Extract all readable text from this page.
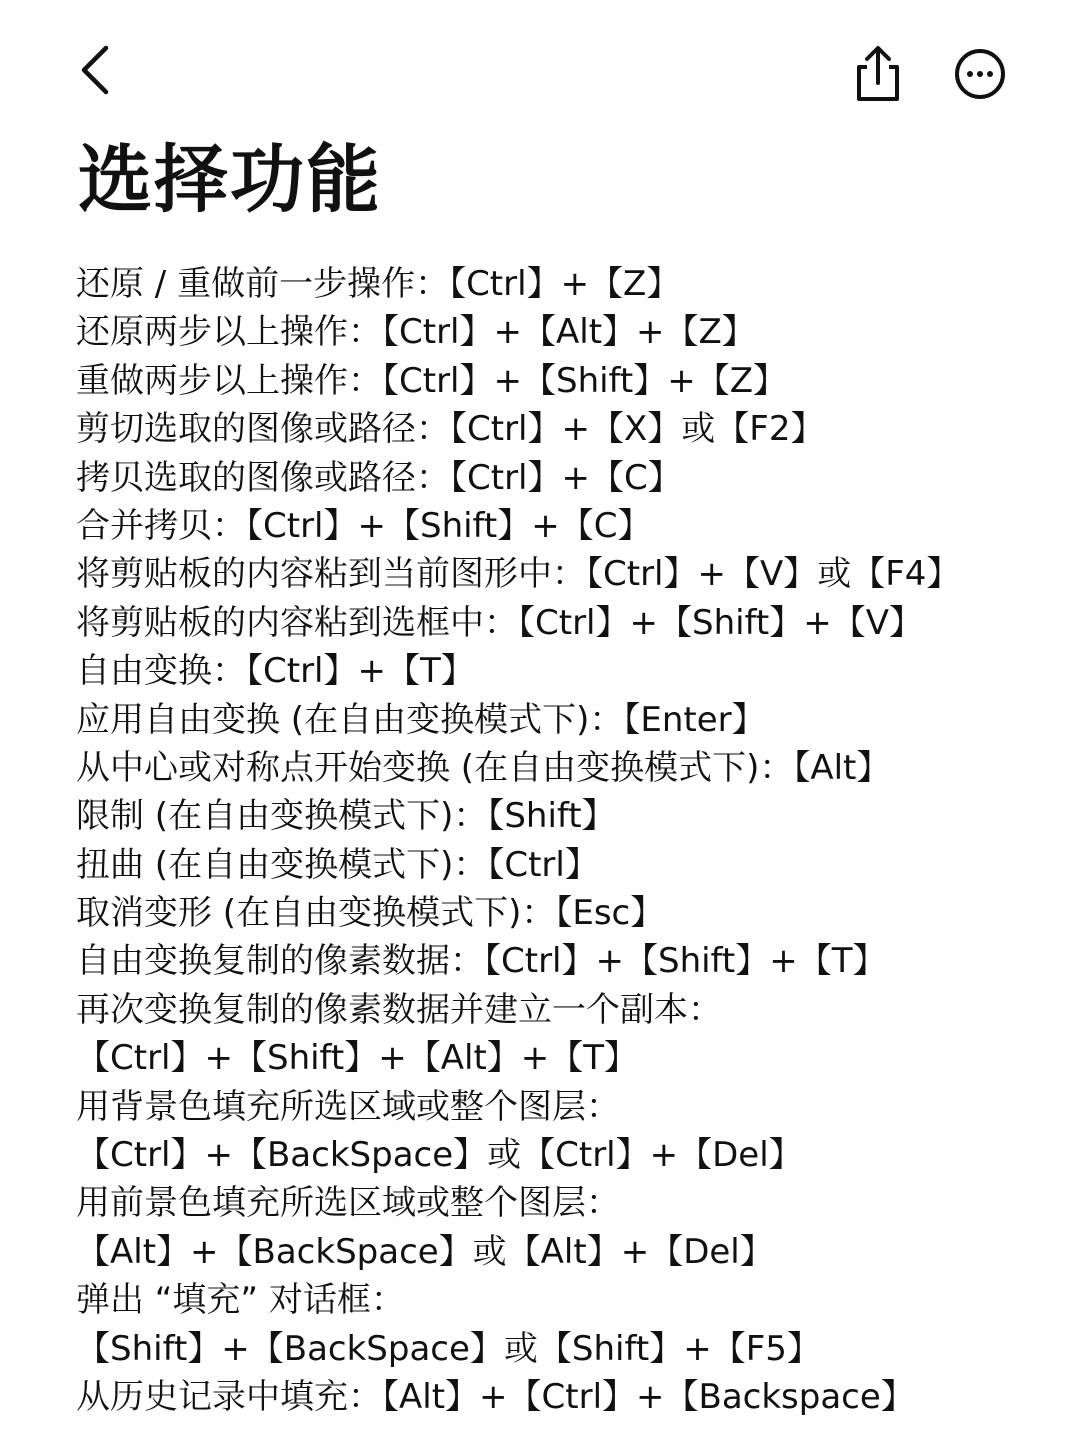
选择功能
还原 / 重做前一步操作：【Ctrl】+【Z】
还原两步以上操作：【Ctrl】+【Alt】+【Z】
重做两步以上操作：【Ctrl】+【Shift】+【Z】
剪切选取的图像或路径：【Ctrl】+【X】或【F2】
拷贝选取的图像或路径：【Ctrl】+【C】
合并拷贝：【Ctrl】+【Shift】+【C】
将剪贴板的内容粘到当前图形中：【Ctrl】+【V】或【F4】
将剪贴板的内容粘到选框中：【Ctrl】+【Shift】+【V】
自由变换：【Ctrl】+【T】
应用自由变换 (在自由变换模式下)：【Enter】
从中心或对称点开始变换 (在自由变换模式下)：【Alt】
限制 (在自由变换模式下)：【Shift】
扭曲 (在自由变换模式下)：【Ctrl】
取消变形 (在自由变换模式下)：【Esc】
自由变换复制的像素数据：【Ctrl】+【Shift】+【T】
再次变换复制的像素数据并建立一个副本：
【Ctrl】+【Shift】+【Alt】+【T】
用背景色填充所选区域或整个图层：
【Ctrl】+【BackSpace】或【Ctrl】+【Del】
用前景色填充所选区域或整个图层：
【Alt】+【BackSpace】或【Alt】+【Del】
弹出 “填充” 对话框：
【Shift】+【BackSpace】或【Shift】+【F5】
从历史记录中填充：【Alt】+【Ctrl】+【Backspace】
